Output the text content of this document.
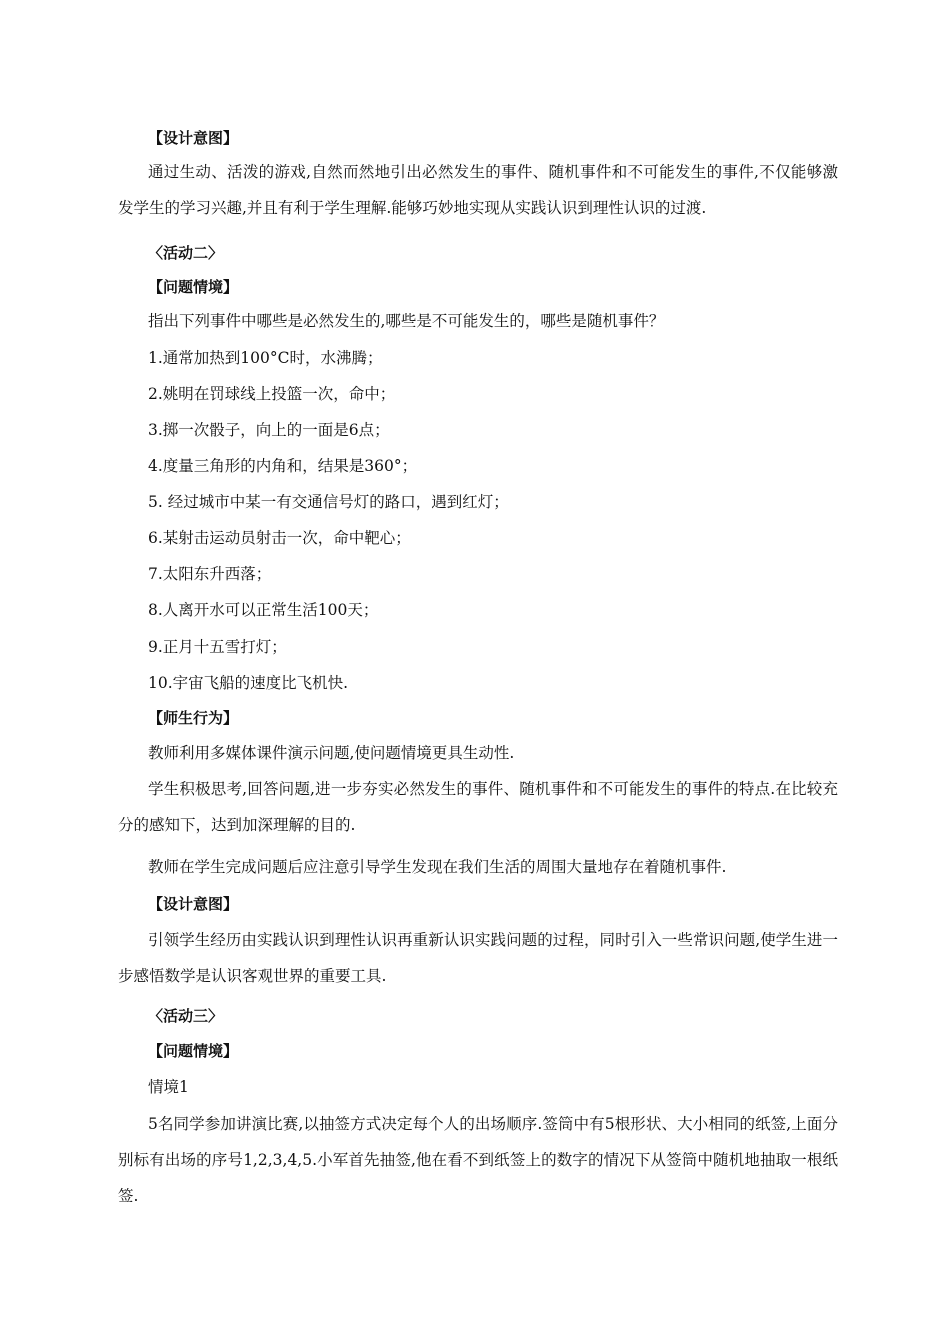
【设计意图】
通过生动、活泼的游戏,自然而然地引出必然发生的事件、随机事件和不可能发生的事件,不仅能够激发学生的学习兴趣,并且有利于学生理解.能够巧妙地实现从实践认识到理性认识的过渡.
〈活动二〉
【问题情境】
指出下列事件中哪些是必然发生的,哪些是不可能发生的，哪些是随机事件？
1.通常加热到100°C时，水沸腾；
2.姚明在罚球线上投篮一次，命中；
3.掷一次骰子，向上的一面是6点；
4.度量三角形的内角和，结果是360°；
5. 经过城市中某一有交通信号灯的路口，遇到红灯；
6.某射击运动员射击一次，命中靶心；
7.太阳东升西落；
8.人离开水可以正常生活100天；
9.正月十五雪打灯；
10.宇宙飞船的速度比飞机快.
【师生行为】
教师利用多媒体课件演示问题,使问题情境更具生动性.
学生积极思考,回答问题,进一步夯实必然发生的事件、随机事件和不可能发生的事件的特点.在比较充分的感知下，达到加深理解的目的.
教师在学生完成问题后应注意引导学生发现在我们生活的周围大量地存在着随机事件.
【设计意图】
引领学生经历由实践认识到理性认识再重新认识实践问题的过程，同时引入一些常识问题,使学生进一步感悟数学是认识客观世界的重要工具.
〈活动三〉
【问题情境】
情境1
5名同学参加讲演比赛,以抽签方式决定每个人的出场顺序.签筒中有5根形状、大小相同的纸签,上面分别标有出场的序号1,2,3,4,5.小军首先抽签,他在看不到纸签上的数字的情况下从签筒中随机地抽取一根纸签.
